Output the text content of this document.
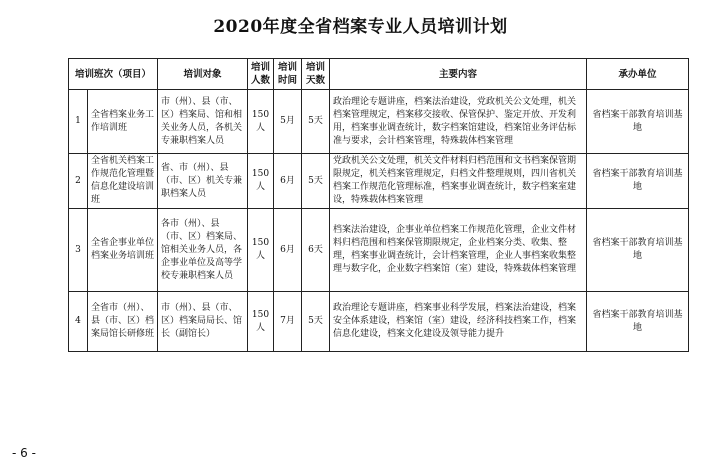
2020年度全省档案专业人员培训计划
培训班次（项目）		培训对象	培训人数	培训时间	培训天数	主要内容	承办单位
1	全省档案业务工作培训班	市（州）、县（市、区）档案局、馆和相关业务人员，各机关专兼职档案人员	150人	5月	5天	政治理论专题讲座，档案法治建设，党政机关公文处理，机关档案管理规定，档案移交接收、保管保护、鉴定开放、开发利用，档案事业调查统计，数字档案馆建设，档案馆业务评估标准与要求，会计档案管理，特殊载体档案管理	省档案干部教育培训基地
2	全省机关档案工作规范化管理暨信息化建设培训班	省、市（州）、县（市、区）机关专兼职档案人员	150人	6月	5天	党政机关公文处理，机关文件材料归档范围和文书档案保管期限规定，机关档案管理规定，归档文件整理规则，四川省机关档案工作规范化管理标准，档案事业调查统计，数字档案室建设，特殊载体档案管理	省档案干部教育培训基地
3	全省企事业单位档案业务培训班	各市（州）、县（市、区）档案局、馆相关业务人员，各企事业单位及高等学校专兼职档案人员	150人	6月	6天	档案法治建设，企事业单位档案工作规范化管理，企业文件材料归档范围和档案保管期限规定，企业档案分类、收集、整理，档案事业调查统计，会计档案管理，企业人事档案收集整理与数字化，企业数字档案馆（室）建设，特殊载体档案管理	省档案干部教育培训基地
4	全省市（州）、县（市、区）档案局馆长研修班	市（州）、县（市、区）档案局局长、馆长（副馆长）	150人	7月	5天	政治理论专题讲座，档案事业科学发展，档案法治建设，档案安全体系建设，档案馆（室）建设，经济科技档案工作，档案信息化建设，档案文化建设及领导能力提升	省档案干部教育培训基地
- 6 -
